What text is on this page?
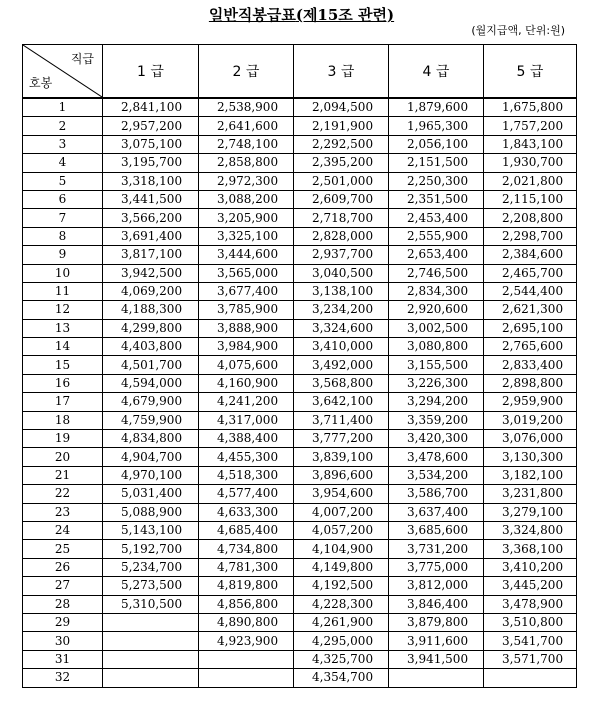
일반직봉급표(제15조 관련)
(월지급액, 단위:원)
직급
호봉	1 급	2 급	3 급	4 급	5 급
1	2,841,100	2,538,900	2,094,500	1,879,600	1,675,800
2	2,957,200	2,641,600	2,191,900	1,965,300	1,757,200
3	3,075,100	2,748,100	2,292,500	2,056,100	1,843,100
4	3,195,700	2,858,800	2,395,200	2,151,500	1,930,700
5	3,318,100	2,972,300	2,501,000	2,250,300	2,021,800
6	3,441,500	3,088,200	2,609,700	2,351,500	2,115,100
7	3,566,200	3,205,900	2,718,700	2,453,400	2,208,800
8	3,691,400	3,325,100	2,828,000	2,555,900	2,298,700
9	3,817,100	3,444,600	2,937,700	2,653,400	2,384,600
10	3,942,500	3,565,000	3,040,500	2,746,500	2,465,700
11	4,069,200	3,677,400	3,138,100	2,834,300	2,544,400
12	4,188,300	3,785,900	3,234,200	2,920,600	2,621,300
13	4,299,800	3,888,900	3,324,600	3,002,500	2,695,100
14	4,403,800	3,984,900	3,410,000	3,080,800	2,765,600
15	4,501,700	4,075,600	3,492,000	3,155,500	2,833,400
16	4,594,000	4,160,900	3,568,800	3,226,300	2,898,800
17	4,679,900	4,241,200	3,642,100	3,294,200	2,959,900
18	4,759,900	4,317,000	3,711,400	3,359,200	3,019,200
19	4,834,800	4,388,400	3,777,200	3,420,300	3,076,000
20	4,904,700	4,455,300	3,839,100	3,478,600	3,130,300
21	4,970,100	4,518,300	3,896,600	3,534,200	3,182,100
22	5,031,400	4,577,400	3,954,600	3,586,700	3,231,800
23	5,088,900	4,633,300	4,007,200	3,637,400	3,279,100
24	5,143,100	4,685,400	4,057,200	3,685,600	3,324,800
25	5,192,700	4,734,800	4,104,900	3,731,200	3,368,100
26	5,234,700	4,781,300	4,149,800	3,775,000	3,410,200
27	5,273,500	4,819,800	4,192,500	3,812,000	3,445,200
28	5,310,500	4,856,800	4,228,300	3,846,400	3,478,900
29		4,890,800	4,261,900	3,879,800	3,510,800
30		4,923,900	4,295,000	3,911,600	3,541,700
31			4,325,700	3,941,500	3,571,700
32			4,354,700		
